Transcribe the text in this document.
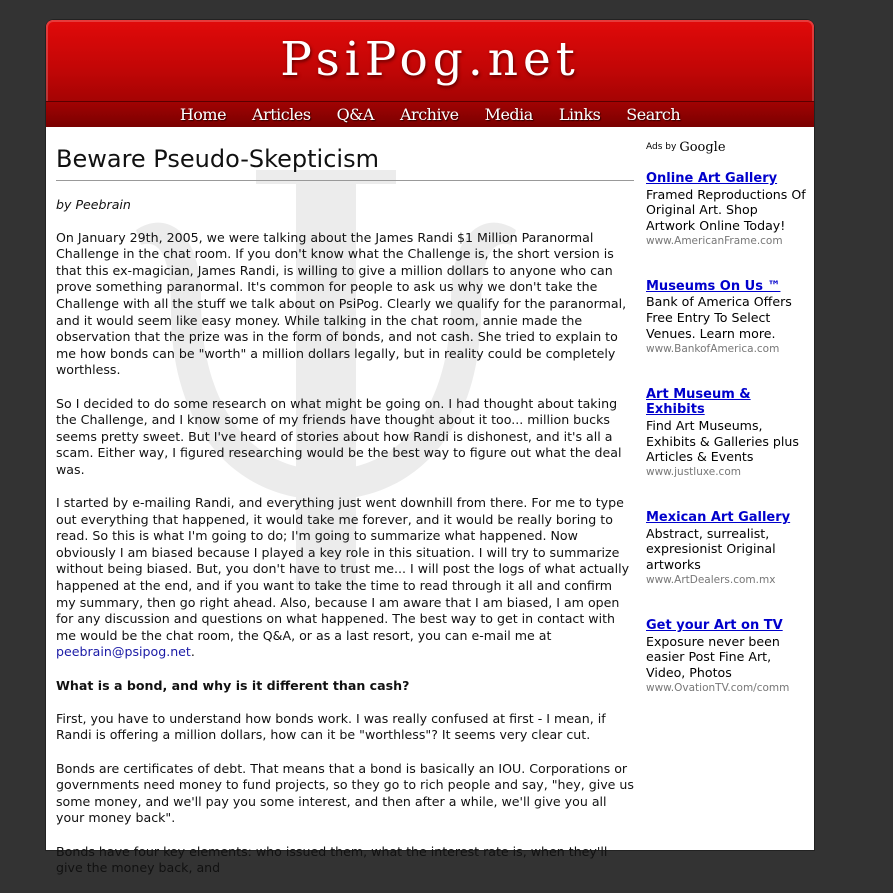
PsiPog.net
Home Articles Q&A Archive Media Links Search
Beware Pseudo-Skepticism
by Peebrain

On January 29th, 2005, we were talking about the James Randi $1 Million Paranormal Challenge in the chat room. If you don't know what the Challenge is, the short version is that this ex-magician, James Randi, is willing to give a million dollars to anyone who can prove something paranormal. It's common for people to ask us why we don't take the Challenge with all the stuff we talk about on PsiPog. Clearly we qualify for the paranormal, and it would seem like easy money. While talking in the chat room, annie made the observation that the prize was in the form of bonds, and not cash. She tried to explain to me how bonds can be "worth" a million dollars legally, but in reality could be completely worthless.

So I decided to do some research on what might be going on. I had thought about taking the Challenge, and I know some of my friends have thought about it too... million bucks seems pretty sweet. But I've heard of stories about how Randi is dishonest, and it's all a scam. Either way, I figured researching would be the best way to figure out what the deal was.

I started by e-mailing Randi, and everything just went downhill from there. For me to type out everything that happened, it would take me forever, and it would be really boring to read. So this is what I'm going to do; I'm going to summarize what happened. Now obviously I am biased because I played a key role in this situation. I will try to summarize without being biased. But, you don't have to trust me... I will post the logs of what actually happened at the end, and if you want to take the time to read through it all and confirm my summary, then go right ahead. Also, because I am aware that I am biased, I am open for any discussion and questions on what happened. The best way to get in contact with me would be the chat room, the Q&A, or as a last resort, you can e-mail me at
peebrain@psipog.net.

What is a bond, and why is it different than cash?

First, you have to understand how bonds work. I was really confused at first - I mean, if Randi is offering a million dollars, how can it be "worthless"? It seems very clear cut.

Bonds are certificates of debt. That means that a bond is basically an IOU. Corporations or governments need money to fund projects, so they go to rich people and say, "hey, give us some money, and we'll pay you some interest, and then after a while, we'll give you all your money back".

Bonds have four key elements: who issued them, what the interest rate is, when they'll give the money back, and

Ads by Google
Online Art Gallery
Framed Reproductions Of Original Art. Shop Artwork Online Today!
www.AmericanFrame.com
Museums On Us ™
Bank of America Offers Free Entry To Select Venues. Learn more.
www.BankofAmerica.com
Art Museum & Exhibits
Find Art Museums, Exhibits & Galleries plus Articles & Events
www.justluxe.com
Mexican Art Gallery
Abstract, surrealist, expresionist Original artworks
www.ArtDealers.com.mx
Get your Art on TV
Exposure never been easier Post Fine Art, Video, Photos
www.OvationTV.com/comm
